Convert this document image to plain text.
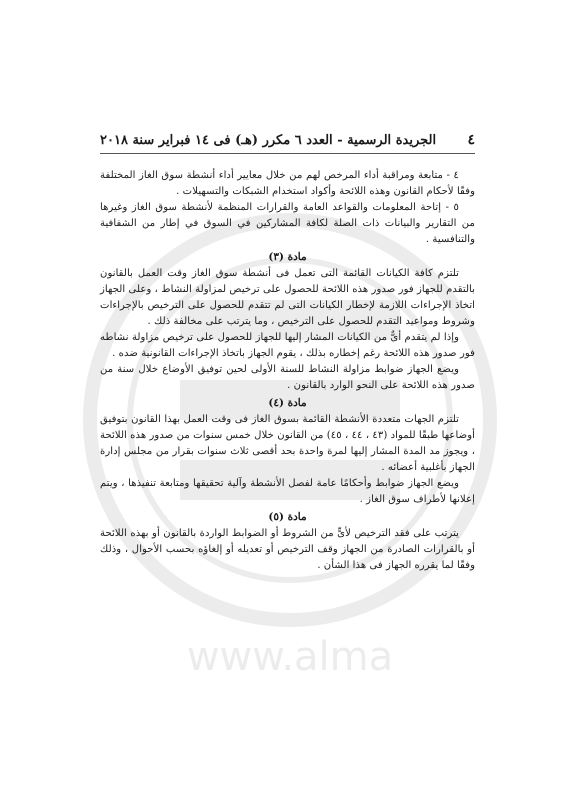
www.alma
٤
الجريدة الرسمية - العدد ٦ مكرر (هـ) فى ١٤ فبراير سنة ٢٠١٨

٤ - متابعة ومراقبة أداء المرخص لهم من خلال معايير أداء أنشطة سوق الغاز المختلفة وفقًا لأحكام القانون وهذه اللائحة وأكواد استخدام الشبكات والتسهيلات .

٥ - إتاحة المعلومات والقواعد العامة والقرارات المنظمة لأنشطة سوق الغاز وغيرها من التقارير والبيانات ذات الصلة لكافة المشاركين في السوق في إطار من الشفافية والتنافسية .

مادة (٣)

تلتزم كافة الكيانات القائمة التى تعمل فى أنشطة سوق الغاز وقت العمل بالقانون بالتقدم للجهاز فور صدور هذه اللائحة للحصول على ترخيص لمزاولة النشاط ، وعلى الجهاز اتخاذ الإجراءات اللازمة لإخطار الكيانات التى لم تتقدم للحصول على الترخيص بالإجراءات وشروط ومواعيد التقدم للحصول على الترخيص ، وما يترتب على مخالفة ذلك .

وإذا لم يتقدم أىٌّ من الكيانات المشار إليها للجهاز للحصول على ترخيص مزاولة نشاطه فور صدور هذه اللائحة رغم إخطاره بذلك ، يقوم الجهاز باتخاذ الإجراءات القانونية ضده .

ويضع الجهاز ضوابط مزاولة النشاط للسنة الأولى لحين توفيق الأوضاع خلال سنة من صدور هذه اللائحة على النحو الوارد بالقانون .

مادة (٤)

تلتزم الجهات متعددة الأنشطة القائمة بسوق الغاز فى وقت العمل بهذا القانون بتوفيق أوضاعها طبقًا للمواد (٤٣ ، ٤٤ ، ٤٥) من القانون خلال خمس سنوات من صدور هذه اللائحة ، ويجوز مد المدة المشار إليها لمرة واحدة بحد أقصى ثلاث سنوات بقرار من مجلس إدارة الجهاز بأغلبية أعضائه .

ويضع الجهاز ضوابط وأحكامًا عامة لفصل الأنشطة وآلية تحقيقها ومتابعة تنفيذها ، ويتم إعلانها لأطراف سوق الغاز .

مادة (٥)

يترتب على فقد الترخيص لأىٍّ من الشروط أو الضوابط الواردة بالقانون أو بهذه اللائحة أو بالقرارات الصادرة من الجهاز وقف الترخيص أو تعديله أو إلغاؤه بحسب الأحوال ، وذلك وفقًا لما يقرره الجهاز فى هذا الشأن .
